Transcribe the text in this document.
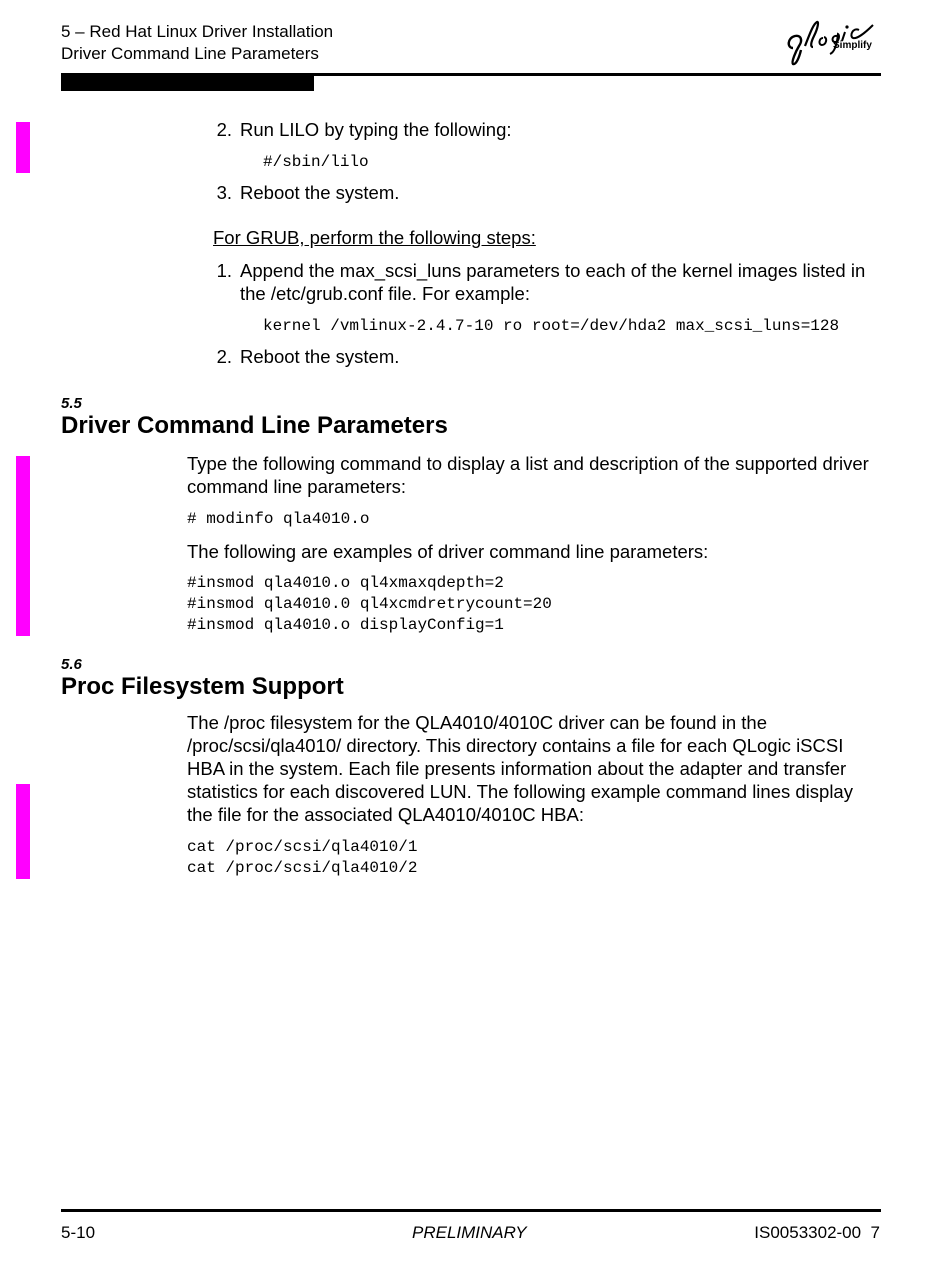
5 – Red Hat Linux Driver Installation
Driver Command Line Parameters	Simplify
2. Run LILO by typing the following:
#/sbin/lilo
3. Reboot the system.
For GRUB, perform the following steps:
1. Append the max_scsi_luns parameters to each of the kernel images listed in the /etc/grub.conf file. For example:
kernel /vmlinux-2.4.7-10 ro root=/dev/hda2 max_scsi_luns=128
2. Reboot the system.
5.5
Driver Command Line Parameters
Type the following command to display a list and description of the supported driver command line parameters:
# modinfo qla4010.o
The following are examples of driver command line parameters:
#insmod qla4010.o ql4xmaxqdepth=2
#insmod qla4010.0 ql4xcmdretrycount=20
#insmod qla4010.o displayConfig=1
5.6
Proc Filesystem Support
The /proc filesystem for the QLA4010/4010C driver can be found in the /proc/scsi/qla4010/ directory. This directory contains a file for each QLogic iSCSI HBA in the system. Each file presents information about the adapter and transfer statistics for each discovered LUN. The following example command lines display the file for the associated QLA4010/4010C HBA:
cat /proc/scsi/qla4010/1
cat /proc/scsi/qla4010/2
5-10	PRELIMINARY	IS0053302-00  7
